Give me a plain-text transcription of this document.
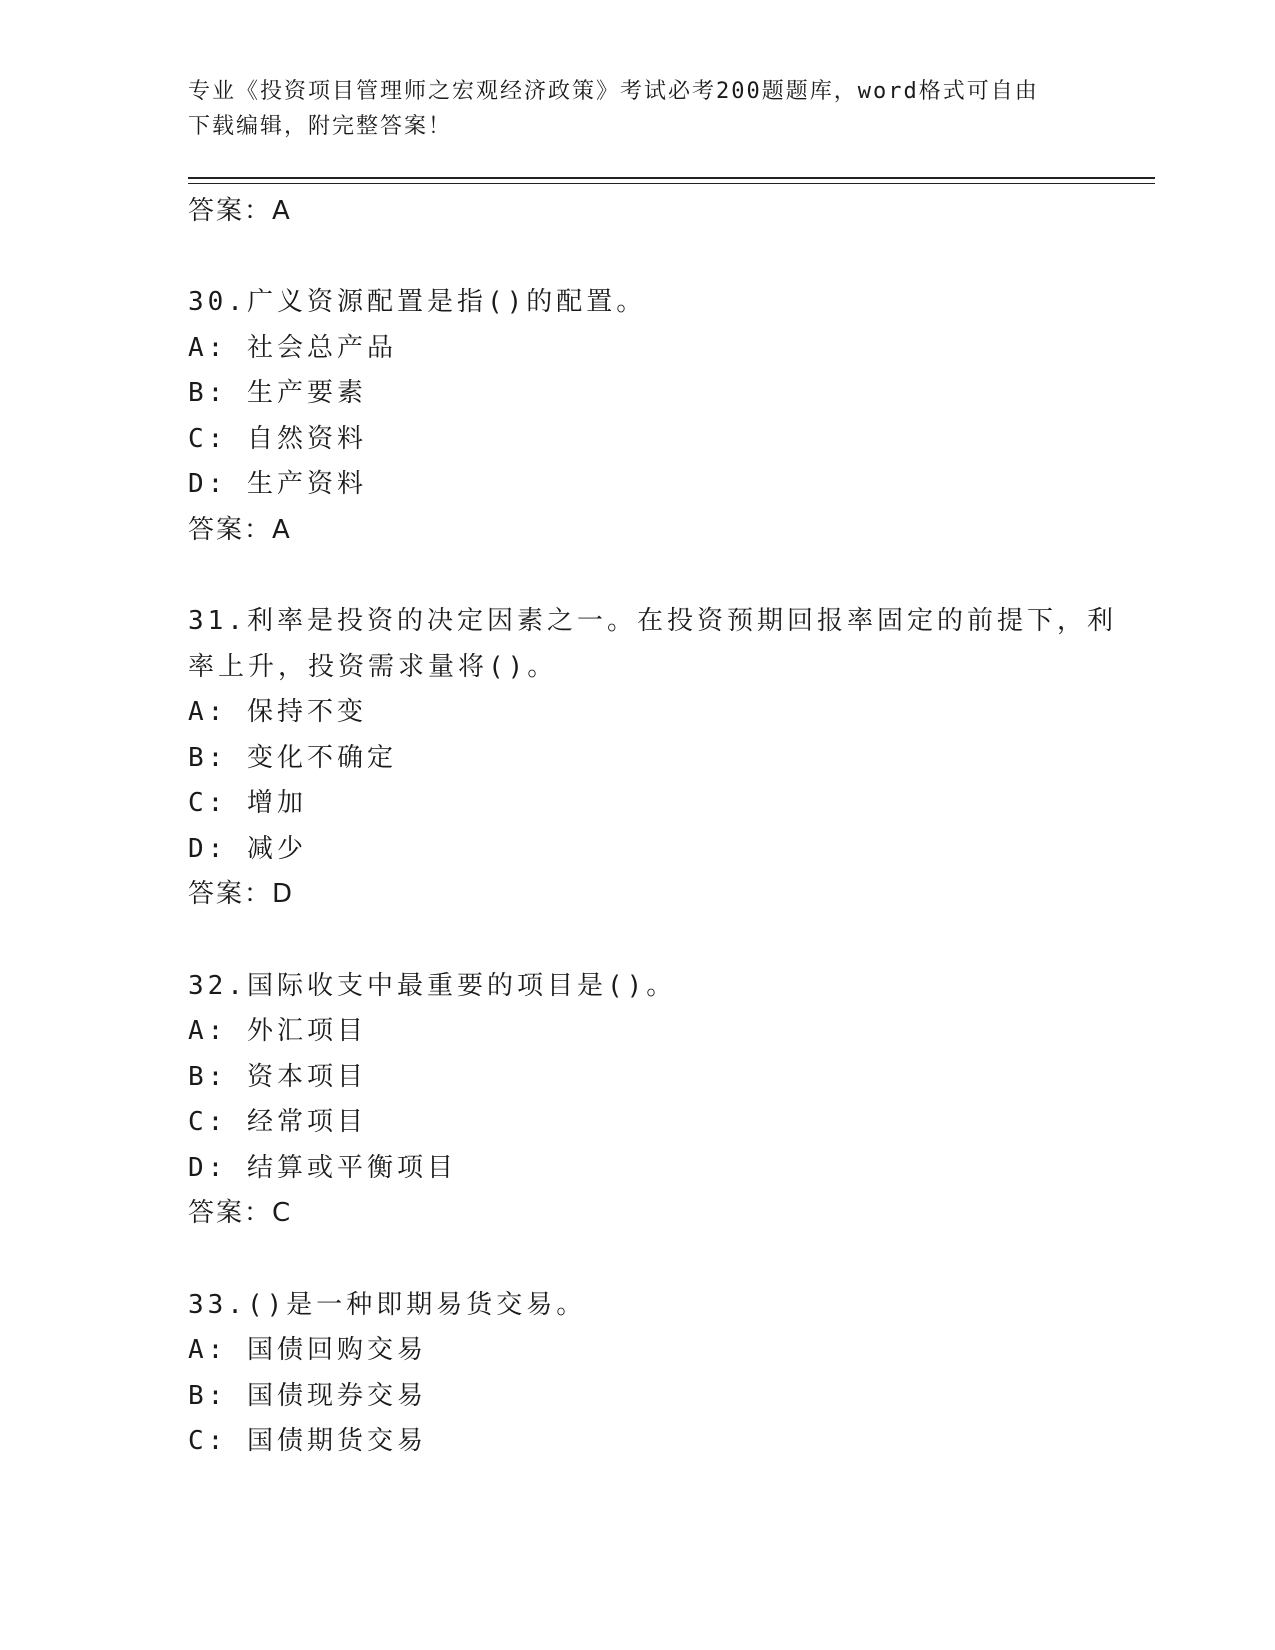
专业《投资项目管理师之宏观经济政策》考试必考200题题库，word格式可自由
下载编辑，附完整答案！
答案：A
30.广义资源配置是指()的配置。
A: 社会总产品
B: 生产要素
C: 自然资料
D: 生产资料
答案：A
31.利率是投资的决定因素之一。在投资预期回报率固定的前提下，利
率上升，投资需求量将()。
A: 保持不变
B: 变化不确定
C: 增加
D: 减少
答案：D
32.国际收支中最重要的项目是()。
A: 外汇项目
B: 资本项目
C: 经常项目
D: 结算或平衡项目
答案：C
33.()是一种即期易货交易。
A: 国债回购交易
B: 国债现券交易
C: 国债期货交易
